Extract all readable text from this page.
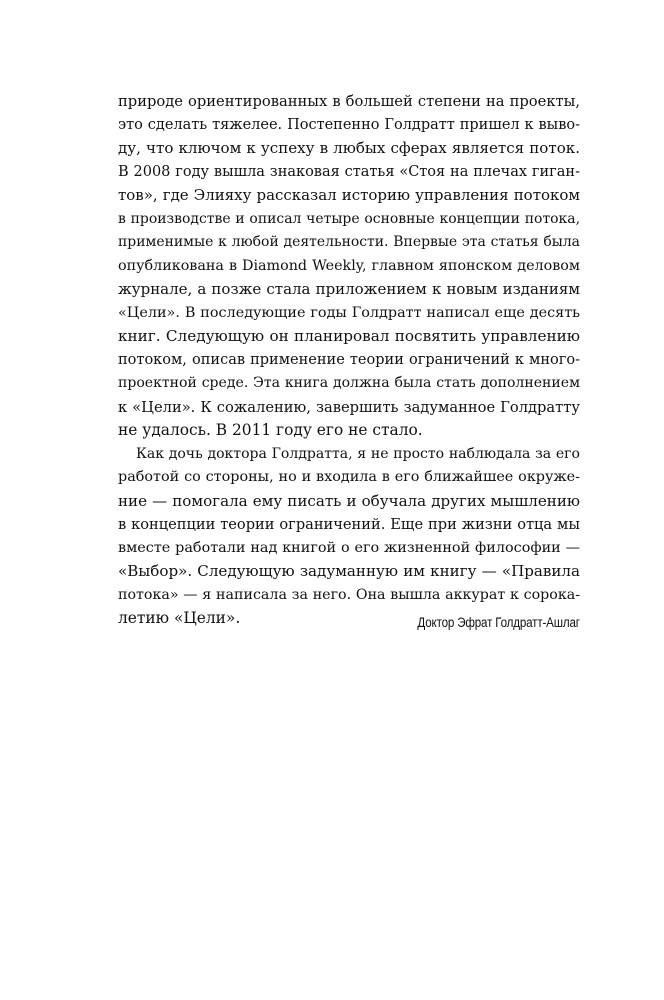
природе ориентированных в большей степени на проекты,
это сделать тяжелее. Постепенно Голдратт пришел к выво-
ду, что ключом к успеху в любых сферах является поток.
В 2008 году вышла знаковая статья «Стоя на плечах гиган-
тов», где Элияху рассказал историю управления потоком
в производстве и описал четыре основные концепции потока,
применимые к любой деятельности. Впервые эта статья была
опубликована в Diamond Weekly, главном японском деловом
журнале, а позже стала приложением к новым изданиям
«Цели». В последующие годы Голдратт написал еще десять
книг. Следующую он планировал посвятить управлению
потоком, описав применение теории ограничений к много-
проектной среде. Эта книга должна была стать дополнением
к «Цели». К сожалению, завершить задуманное Голдратту
не удалось. В 2011 году его не стало.
Как дочь доктора Голдратта, я не просто наблюдала за его
работой со стороны, но и входила в его ближайшее окруже-
ние — помогала ему писать и обучала других мышлению
в концепции теории ограничений. Еще при жизни отца мы
вместе работали над книгой о его жизненной философии —
«Выбор». Следующую задуманную им книгу — «Правила
потока» — я написала за него. Она вышла аккурат к сорока-
летию «Цели».	Доктор Эфрат Голдратт-Ашлаг
